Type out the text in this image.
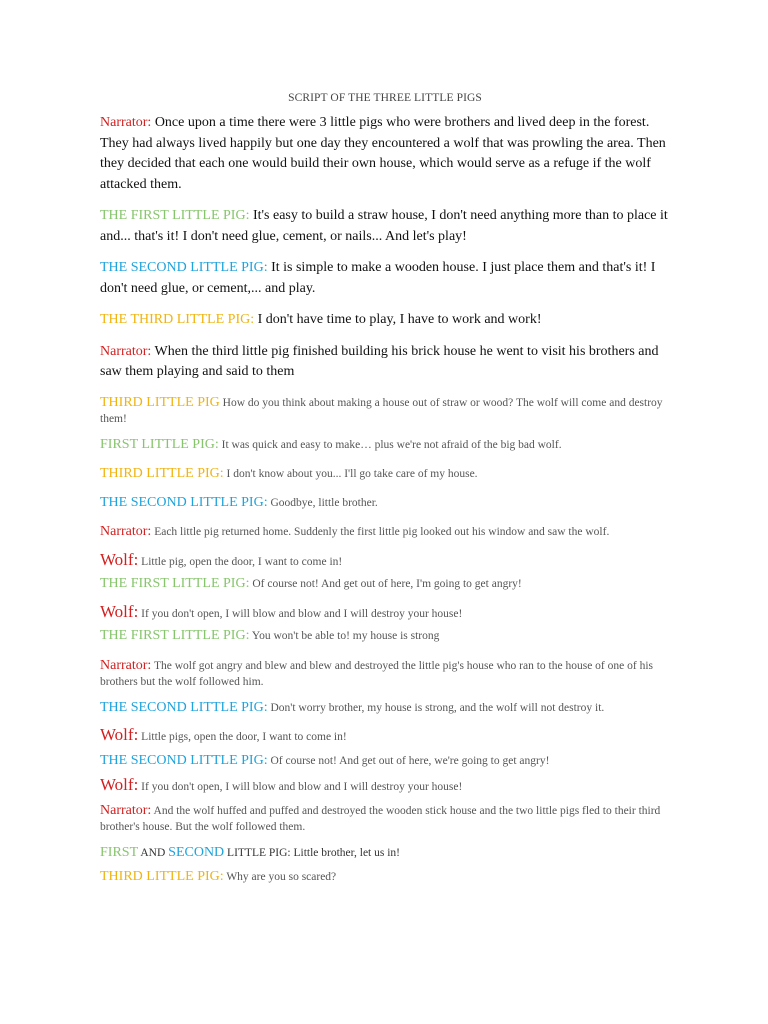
SCRIPT OF THE THREE LITTLE PIGS

Narrator: Once upon a time there were 3 little pigs who were brothers and lived deep in the forest. They had always lived happily but one day they encountered a wolf that was prowling the area. Then they decided that each one would build their own house, which would serve as a refuge if the wolf attacked them.

THE FIRST LITTLE PIG: It's easy to build a straw house, I don't need anything more than to place it and... that's it! I don't need glue, cement, or nails... And let's play!

THE SECOND LITTLE PIG: It is simple to make a wooden house. I just place them and that's it! I don't need glue, or cement,... and play.

THE THIRD LITTLE PIG: I don't have time to play, I have to work and work!

Narrator: When the third little pig finished building his brick house he went to visit his brothers and saw them playing and said to them

THIRD LITTLE PIG How do you think about making a house out of straw or wood? The wolf will come and destroy them!

FIRST LITTLE PIG: It was quick and easy to make… plus we're not afraid of the big bad wolf.

THIRD LITTLE PIG: I don't know about you... I'll go take care of my house.

THE SECOND LITTLE PIG: Goodbye, little brother.

Narrator: Each little pig returned home. Suddenly the first little pig looked out his window and saw the wolf.

Wolf: Little pig, open the door, I want to come in!

THE FIRST LITTLE PIG: Of course not! And get out of here, I'm going to get angry!

Wolf: If you don't open, I will blow and blow and I will destroy your house!

THE FIRST LITTLE PIG: You won't be able to! my house is strong

Narrator: The wolf got angry and blew and blew and destroyed the little pig's house who ran to the house of one of his brothers but the wolf followed him.

THE SECOND LITTLE PIG: Don't worry brother, my house is strong, and the wolf will not destroy it.

Wolf: Little pigs, open the door, I want to come in!

THE SECOND LITTLE PIG: Of course not! And get out of here, we're going to get angry!

Wolf: If you don't open, I will blow and blow and I will destroy your house!

Narrator: And the wolf huffed and puffed and destroyed the wooden stick house and the two little pigs fled to their third brother's house. But the wolf followed them.

FIRST AND SECOND LITTLE PIG: Little brother, let us in!

THIRD LITTLE PIG: Why are you so scared?
